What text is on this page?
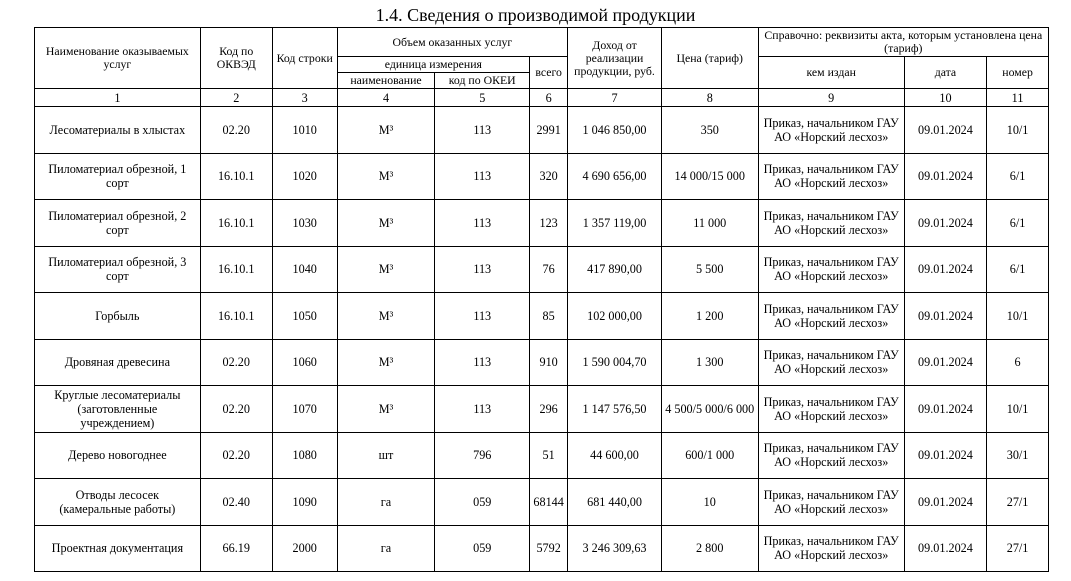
1.4. Сведения о производимой продукции
Наименование оказываемых услуг	Код по ОКВЭД	Код строки	Объем оказанных услуг			Доход от реализации продукции, руб.	Цена (тариф)	Справочно: реквизиты акта, которым установлена цена (тариф)		
			единица измерения		всего			кем издан	дата	номер
			наименование	код по ОКЕИ						
1	2	3	4	5	6	7	8	9	10	11
Лесоматериалы в хлыстах	02.20	1010	М³	113	2991	1 046 850,00	350	Приказ, начальником ГАУ АО «Норский лесхоз»	09.01.2024	10/1
Пиломатериал обрезной, 1 сорт	16.10.1	1020	М³	113	320	4 690 656,00	14 000/15 000	Приказ, начальником ГАУ АО «Норский лесхоз»	09.01.2024	6/1
Пиломатериал обрезной, 2 сорт	16.10.1	1030	М³	113	123	1 357 119,00	11 000	Приказ, начальником ГАУ АО «Норский лесхоз»	09.01.2024	6/1
Пиломатериал обрезной, 3 сорт	16.10.1	1040	М³	113	76	417 890,00	5 500	Приказ, начальником ГАУ АО «Норский лесхоз»	09.01.2024	6/1
Горбыль	16.10.1	1050	М³	113	85	102 000,00	1 200	Приказ, начальником ГАУ АО «Норский лесхоз»	09.01.2024	10/1
Дровяная древесина	02.20	1060	М³	113	910	1 590 004,70	1 300	Приказ, начальником ГАУ АО «Норский лесхоз»	09.01.2024	6
Круглые лесоматериалы (заготовленные учреждением)	02.20	1070	М³	113	296	1 147 576,50	4 500/5 000/6 000	Приказ, начальником ГАУ АО «Норский лесхоз»	09.01.2024	10/1
Дерево новогоднее	02.20	1080	шт	796	51	44 600,00	600/1 000	Приказ, начальником ГАУ АО «Норский лесхоз»	09.01.2024	30/1
Отводы лесосек (камеральные работы)	02.40	1090	га	059	68144	681 440,00	10	Приказ, начальником ГАУ АО «Норский лесхоз»	09.01.2024	27/1
Проектная документация	66.19	2000	га	059	5792	3 246 309,63	2 800	Приказ, начальником ГАУ АО «Норский лесхоз»	09.01.2024	27/1
